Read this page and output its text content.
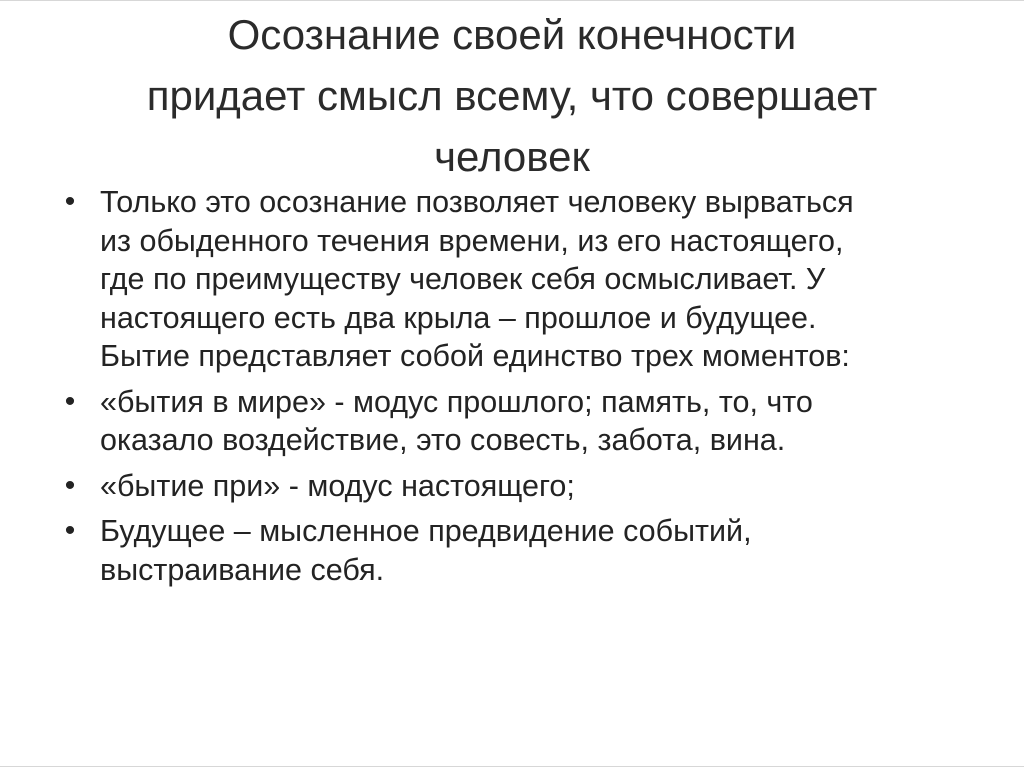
Осознание своей конечности
придает смысл всему, что совершает
человек
• Только это осознание позволяет человеку вырваться
из обыденного течения времени, из его настоящего,
где по преимуществу человек себя осмысливает. У
настоящего есть два крыла – прошлое и будущее.
Бытие представляет собой единство трех моментов:
• «бытия в мире» - модус прошлого; память, то, что
оказало воздействие, это совесть, забота, вина.
• «бытие при» - модус настоящего;
• Будущее – мысленное предвидение событий,
выстраивание себя.
